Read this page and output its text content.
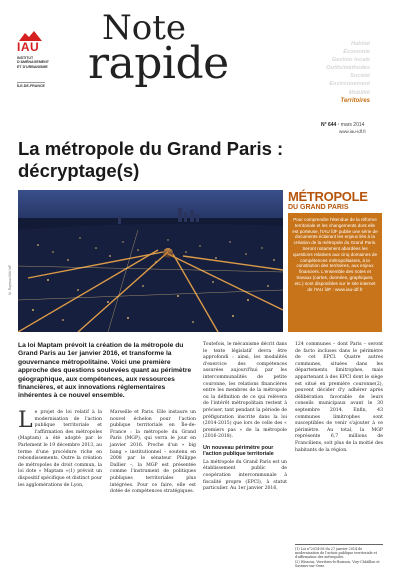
IAU
INSTITUT
D'AMÉNAGEMENT
ET D'URBANISME
ÎLE-DE-FRANCE
Note
rapide	Habitat
Économie
Gestion locale
Outils/méthodes
Société
Environnement
Mobilité
Territoires
N° 644 · mars 2014
www.iau-idf.fr
La métropole du Grand Paris :
décryptage(s)
M. Rayssac/IAU îdF
MÉTROPOLE
DU GRAND PARIS

Pour comprendre l'étendue de la réforme territoriale et les changements dont elle est porteuse, l'IAU îdF publie une série de documents éclairant les enjeux liés à la création de la métropole du Grand Paris. Seront notamment abordées les questions relatives aux cinq domaines de compétences métropolitaines, à la constitution des territoires, aux enjeux financiers. L'ensemble des notes et travaux (cartes, données, graphiques, etc.) sont disponibles sur le site internet de l'IAU îdF : www.iau-idf.fr

La loi Maptam prévoit la création de la métropole du Grand Paris au 1er janvier 2016, et transforme la gouvernance métropolitaine. Voici une première approche des questions soulevées quant au périmètre géographique, aux compétences, aux ressources financières, et aux innovations réglementaires inhérentes à ce nouvel ensemble.
L e projet de loi relatif à la modernisation de l'action publique territoriale et l'affirmation des métropoles (Maptam) a été adopté par le Parlement le 19 décembre 2013, au terme d'une procédure riche en rebondissements. Outre la création de métropoles de droit commun, la loi dote « Maptam »(1) prévoit un dispositif spécifique et distinct pour les agglomérations de Lyon,
Marseille et Paris. Elle instaure un nouvel échelon pour l'action publique territoriale en Île-de-France : la métropole du Grand Paris (MGP), qui verra le jour en janvier 2016. Proche d'un « big bang » institutionnel – soutenu en 2008 par le sénateur Philippe Dallier –, la MGP est présentée comme l'instrument de politiques publiques territoriales plus intégrées. Pour ce faire, elle est dotée de compétences stratégiques.
Toutefois, le mécanisme décrit dans le texte législatif devra être approfondi : ainsi, les modalités d'exercice des compétences assurées aujourd'hui par les intercommunalités de petite couronne, les relations financières entre les membres de la métropole ou la définition de ce qui relèvera de l'intérêt métropolitain restent à préciser, tant pendant la période de préfiguration inscrite dans la loi (2014-2015) que lors de celle des « premiers pas » de la métropole (2016-2018).
Un nouveau périmètre pour l'action publique territoriale
La métropole du Grand Paris est un établissement public de coopération intercommunale à fiscalité propre (EPCI), à statut particulier. Au 1er janvier 2016,
124 communes – dont Paris – seront de facto incluses dans le périmètre de cet EPCI. Quatre autres communes, situées dans les départements limitrophes, mais appartenant à des EPCI dont le siège est situé en première couronne(2), peuvent décider d'y adhérer après délibération favorable de leurs conseils municipaux avant le 30 septembre 2014. Enfin, 43 communes limitrophes sont susceptibles de venir s'ajouter à ce périmètre. Au total, la MGP représente 6,7 millions de Franciliens, soit plus de la moitié des habitants de la région.

(1) Loi n°2014-58 du 27 janvier 2014 de modernisation de l'action publique territoriale et d'affirmation des métropoles.

(2) Wissous, Verrières-le-Buisson, Viry-Châtillon et Savigny-sur-Orge.
